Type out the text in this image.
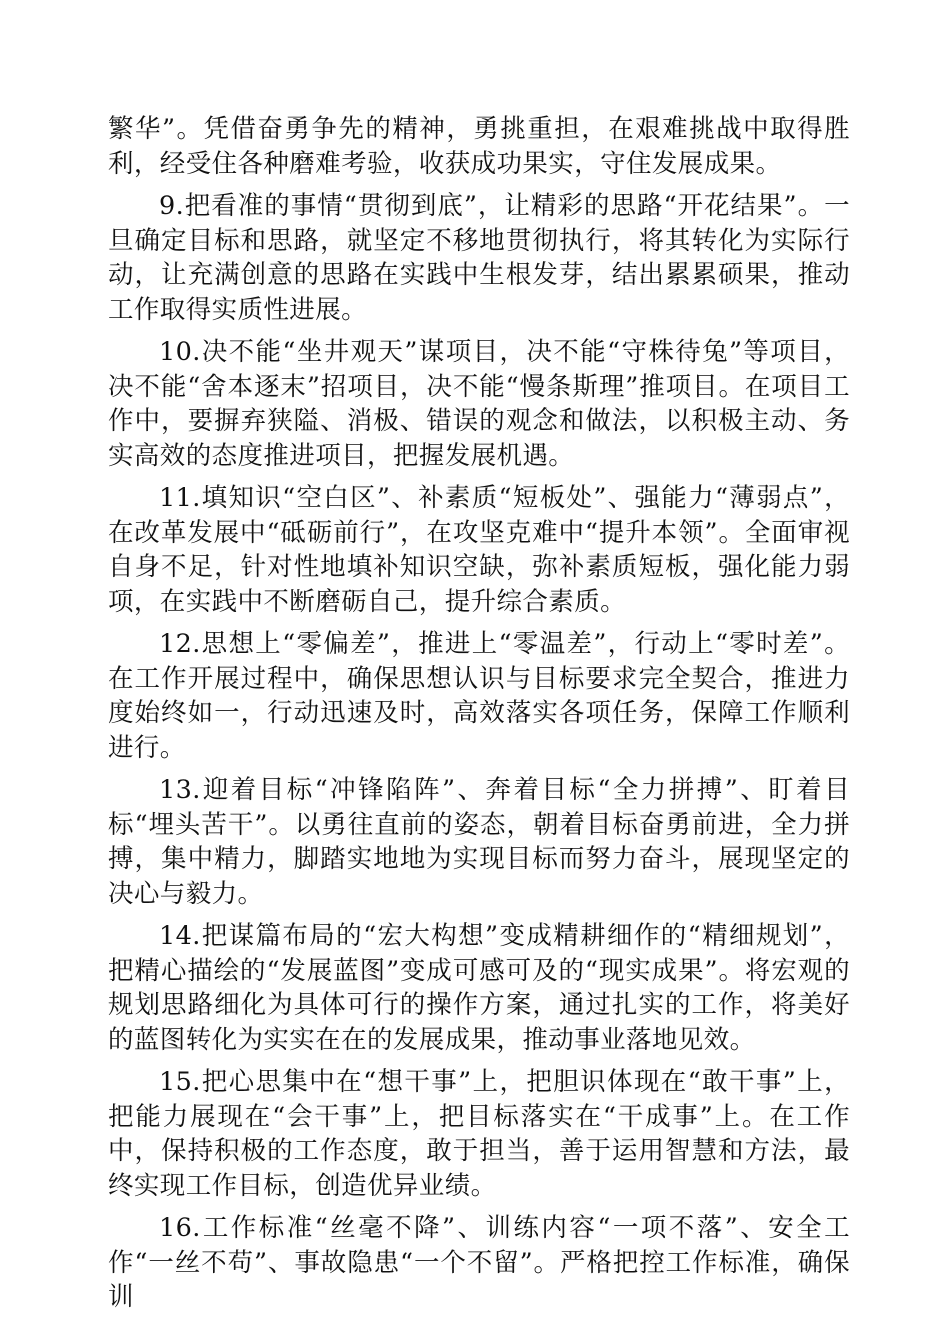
繁华”。凭借奋勇争先的精神，勇挑重担，在艰难挑战中取得胜利，经受住各种磨难考验，收获成功果实，守住发展成果。

9.把看准的事情“贯彻到底”，让精彩的思路“开花结果”。一旦确定目标和思路，就坚定不移地贯彻执行，将其转化为实际行动，让充满创意的思路在实践中生根发芽，结出累累硕果，推动工作取得实质性进展。

10.决不能“坐井观天”谋项目，决不能“守株待兔”等项目，决不能“舍本逐末”招项目，决不能“慢条斯理”推项目。在项目工作中，要摒弃狭隘、消极、错误的观念和做法，以积极主动、务实高效的态度推进项目，把握发展机遇。

11.填知识“空白区”、补素质“短板处”、强能力“薄弱点”，在改革发展中“砥砺前行”，在攻坚克难中“提升本领”。全面审视自身不足，针对性地填补知识空缺，弥补素质短板，强化能力弱项，在实践中不断磨砺自己，提升综合素质。

12.思想上“零偏差”，推进上“零温差”，行动上“零时差”。在工作开展过程中，确保思想认识与目标要求完全契合，推进力度始终如一，行动迅速及时，高效落实各项任务，保障工作顺利进行。

13.迎着目标“冲锋陷阵”、奔着目标“全力拼搏”、盯着目标“埋头苦干”。以勇往直前的姿态，朝着目标奋勇前进，全力拼搏，集中精力，脚踏实地地为实现目标而努力奋斗，展现坚定的决心与毅力。

14.把谋篇布局的“宏大构想”变成精耕细作的“精细规划”，把精心描绘的“发展蓝图”变成可感可及的“现实成果”。将宏观的规划思路细化为具体可行的操作方案，通过扎实的工作，将美好的蓝图转化为实实在在的发展成果，推动事业落地见效。

15.把心思集中在“想干事”上，把胆识体现在“敢干事”上，把能力展现在“会干事”上，把目标落实在“干成事”上。在工作中，保持积极的工作态度，敢于担当，善于运用智慧和方法，最终实现工作目标，创造优异业绩。

16.工作标准“丝毫不降”、训练内容“一项不落”、安全工作“一丝不苟”、事故隐患“一个不留”。严格把控工作标准，确保训
